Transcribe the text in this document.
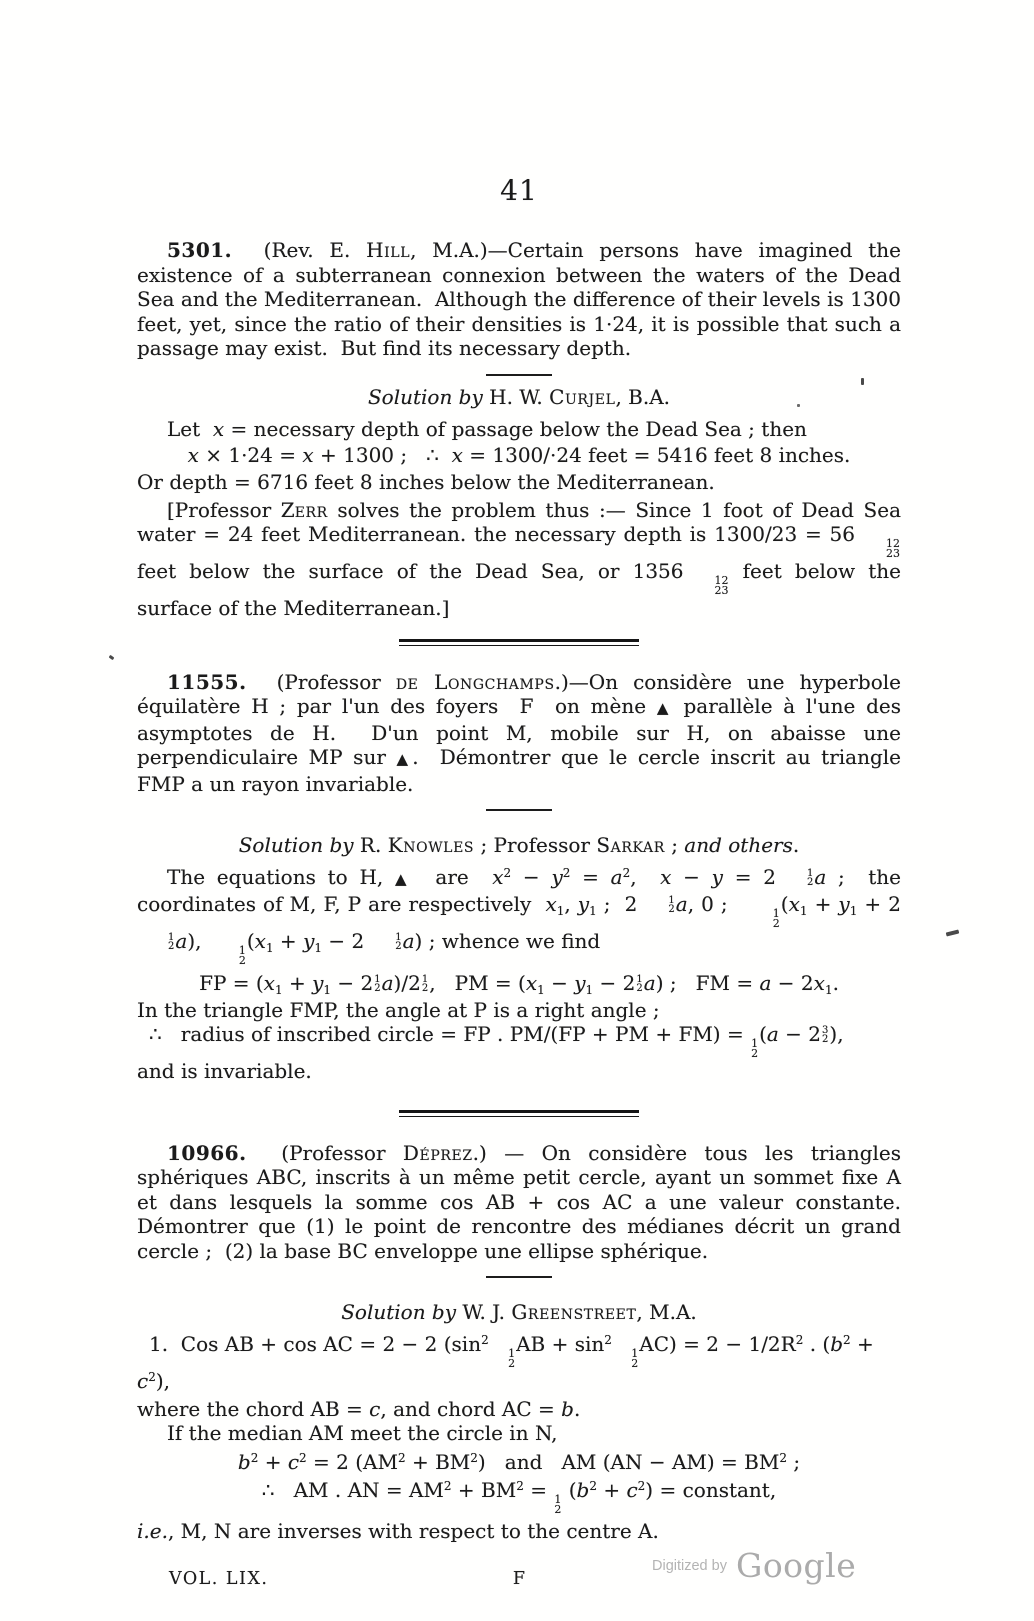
41

5301.  (Rev. E. Hill, M.A.)—Certain persons have imagined the existence of a subterranean connexion between the waters of the Dead Sea and the Mediterranean.  Although the difference of their levels is 1300 feet, yet, since the ratio of their densities is 1·24, it is possible that such a passage may exist.  But find its necessary depth.

Solution by H. W. Curjel, B.A.

Let  x = necessary depth of passage below the Dead Sea ; then

x × 1·24 = x + 1300 ;   ∴  x = 1300/·24 feet = 5416 feet 8 inches.

Or depth = 6716 feet 8 inches below the Mediterranean.

[Professor Zerr solves the problem thus :— Since 1 foot of Dead Sea water = 24 feet Mediterranean. the necessary depth is 1300/23 = 56	12
23
feet below the surface of the Dead Sea, or 1356	12
23
feet below the surface of the Mediterranean.]

11555.  (Professor de Longchamps.)—On considère une hyperbole équilatère H ; par l'un des foyers  F  on mène ▲ parallèle à l'une des asymptotes de H.  D'un point M, mobile sur H, on abaisse une perpendiculaire MP sur ▲.  Démontrer que le cercle inscrit au triangle FMP a un rayon invariable.

Solution by R. Knowles ; Professor Sarkar ; and others.

The equations to H, ▲  are  $x^2 - y^2 = a^2$,  x − y = 2	1
2 a ;  the coordinates of M, F, P are respectively  $x_1$, $y_1$ ;  2	1
2 a, 0 ;	1
2
($x_1 + y_1 + 2$
1
2 a),	1
2
($x_1 + y_1 - 2$	1
2 a) ; whence we find

FP = ($x_1 + y_1 - 2$ 1
2 a)/2 1
2 ,   PM = ($x_1 - y_1 - 2$ 1
2 a) ;   FM = $a - 2x_1$.

In the triangle FMP, the angle at P is a right angle ;

∴   radius of inscribed circle = FP . PM/(FP + PM + FM) = 1
2
(a − 2 3
2 ),

and is invariable.

10966.  (Professor Déprez.) — On considère tous les triangles sphériques ABC, inscrits à un même petit cercle, ayant un sommet fixe A et dans lesquels la somme cos AB + cos AC a une valeur constante. Démontrer que (1) le point de rencontre des médianes décrit un grand cercle ;  (2) la base BC enveloppe une ellipse sphérique.

Solution by W. J. Greenstreet, M.A.

1.  Cos AB + cos AC = 2 − 2 ($\sin^2$
1
2
AB + $\sin^2$
1
2
$AC) = 2 - 1/2R^2$ . $(b^2 + c^2)$,

where the chord AB = c, and chord AC = b.

If the median AM meet the circle in N,

$b^2 + c^2 = 2$ $(AM^2 + BM^2)$   and   AM $(AN - AM) = BM^2$ ;
∴   AM . AN = $AM^2 + BM^2 = 1$
2
$(b^2 + c^2)$ = constant,

i.e., M, N are inverses with respect to the centre A.

VOL. LIX.	F
Digitized by Google
